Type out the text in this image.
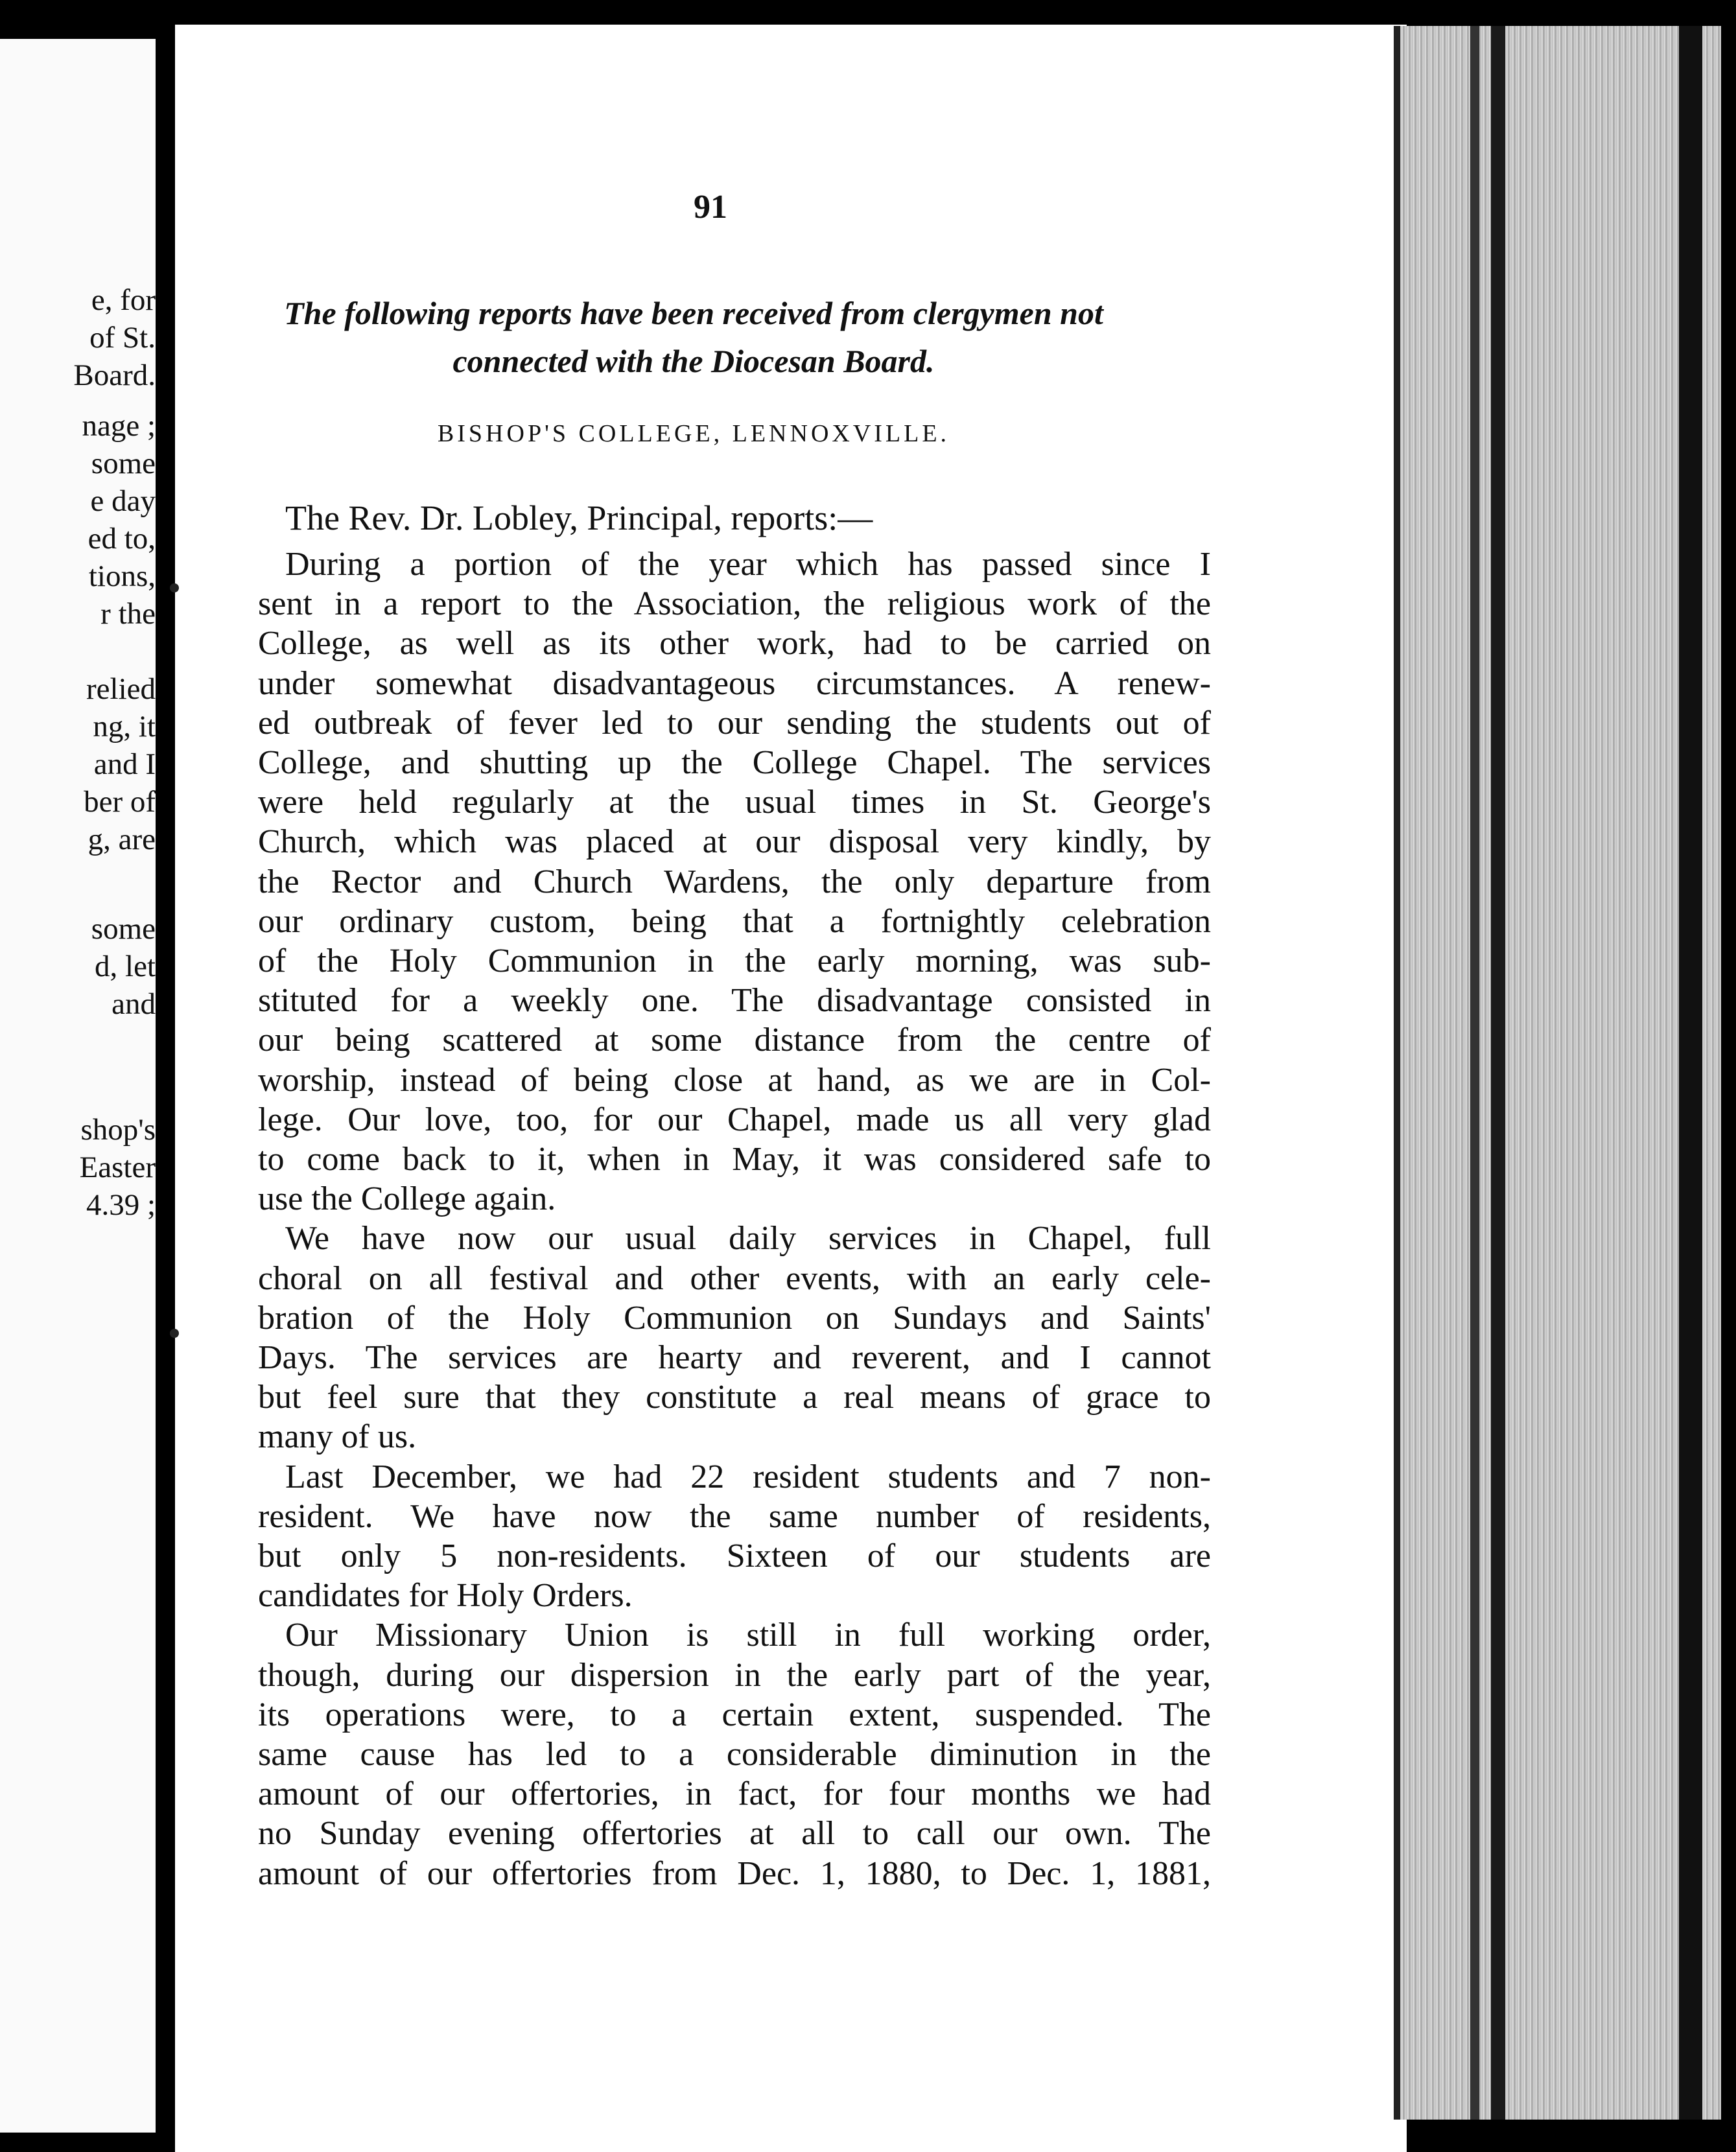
e, for
of St.
Board.
nage ;
some
e day
ed to,
tions,
r the
relied
ng, it
and I
ber of
g, are
some
d, let
and
shop's
Easter
4.39 ;
91
The following reports have been received from clergymen not
connected with the Diocesan Board.
BISHOP'S COLLEGE, LENNOXVILLE.
The Rev. Dr. Lobley, Principal, reports:—
During a portion of the year which has passed since I
sent in a report to the Association, the religious work of the
College, as well as its other work, had to be carried on
under somewhat disadvantageous circumstances. A renew-
ed outbreak of fever led to our sending the students out of
College, and shutting up the College Chapel. The services
were held regularly at the usual times in St. George's
Church, which was placed at our disposal very kindly, by
the Rector and Church Wardens, the only departure from
our ordinary custom, being that a fortnightly celebration
of the Holy Communion in the early morning, was sub-
stituted for a weekly one. The disadvantage consisted in
our being scattered at some distance from the centre of
worship, instead of being close at hand, as we are in Col-
lege. Our love, too, for our Chapel, made us all very glad
to come back to it, when in May, it was considered safe to
use the College again.
We have now our usual daily services in Chapel, full
choral on all festival and other events, with an early cele-
bration of the Holy Communion on Sundays and Saints'
Days. The services are hearty and reverent, and I cannot
but feel sure that they constitute a real means of grace to
many of us.
Last December, we had 22 resident students and 7 non-
resident. We have now the same number of residents,
but only 5 non-residents. Sixteen of our students are
candidates for Holy Orders.
Our Missionary Union is still in full working order,
though, during our dispersion in the early part of the year,
its operations were, to a certain extent, suspended. The
same cause has led to a considerable diminution in the
amount of our offertories, in fact, for four months we had
no Sunday evening offertories at all to call our own. The
amount of our offertories from Dec. 1, 1880, to Dec. 1, 1881,
